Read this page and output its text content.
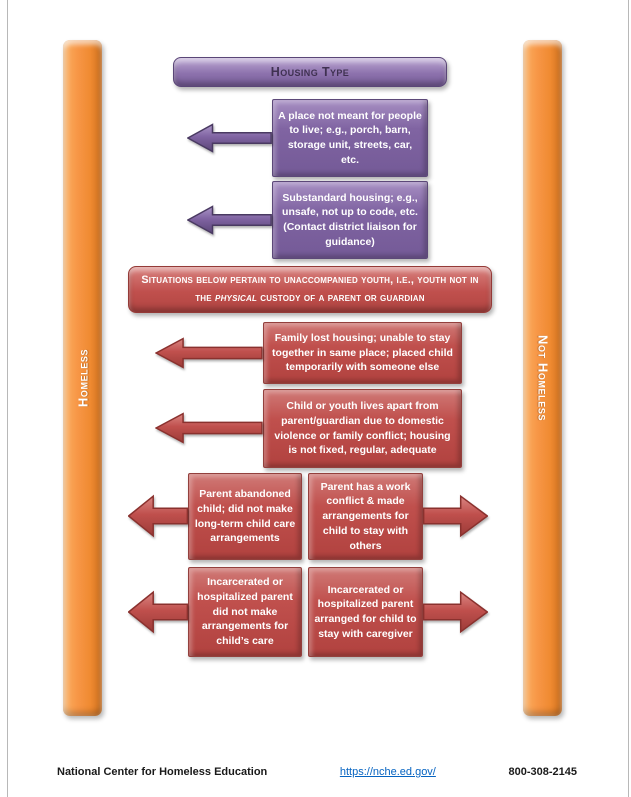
Homeless	Not Homeless
Housing Type
A place not meant for people to live; e.g., porch, barn, storage unit, streets, car, etc.
Substandard housing; e.g., unsafe, not up to code, etc. (Contact district liaison for guidance)
Situations below pertain to unaccompanied youth, i.e., youth not in the physical custody of a parent or guardian
Family lost housing; unable to stay together in same place; placed child temporarily with someone else
Child or youth lives apart from parent/guardian due to domestic violence or family conflict; housing is not fixed, regular, adequate
Parent abandoned child; did not make long-term child care arrangements
Parent has a work conflict & made arrangements for child to stay with others
Incarcerated or hospitalized parent did not make arrangements for child’s care
Incarcerated or hospitalized parent arranged for child to stay with caregiver
National Center for Homeless Education	https://nche.ed.gov/	800-308-2145
